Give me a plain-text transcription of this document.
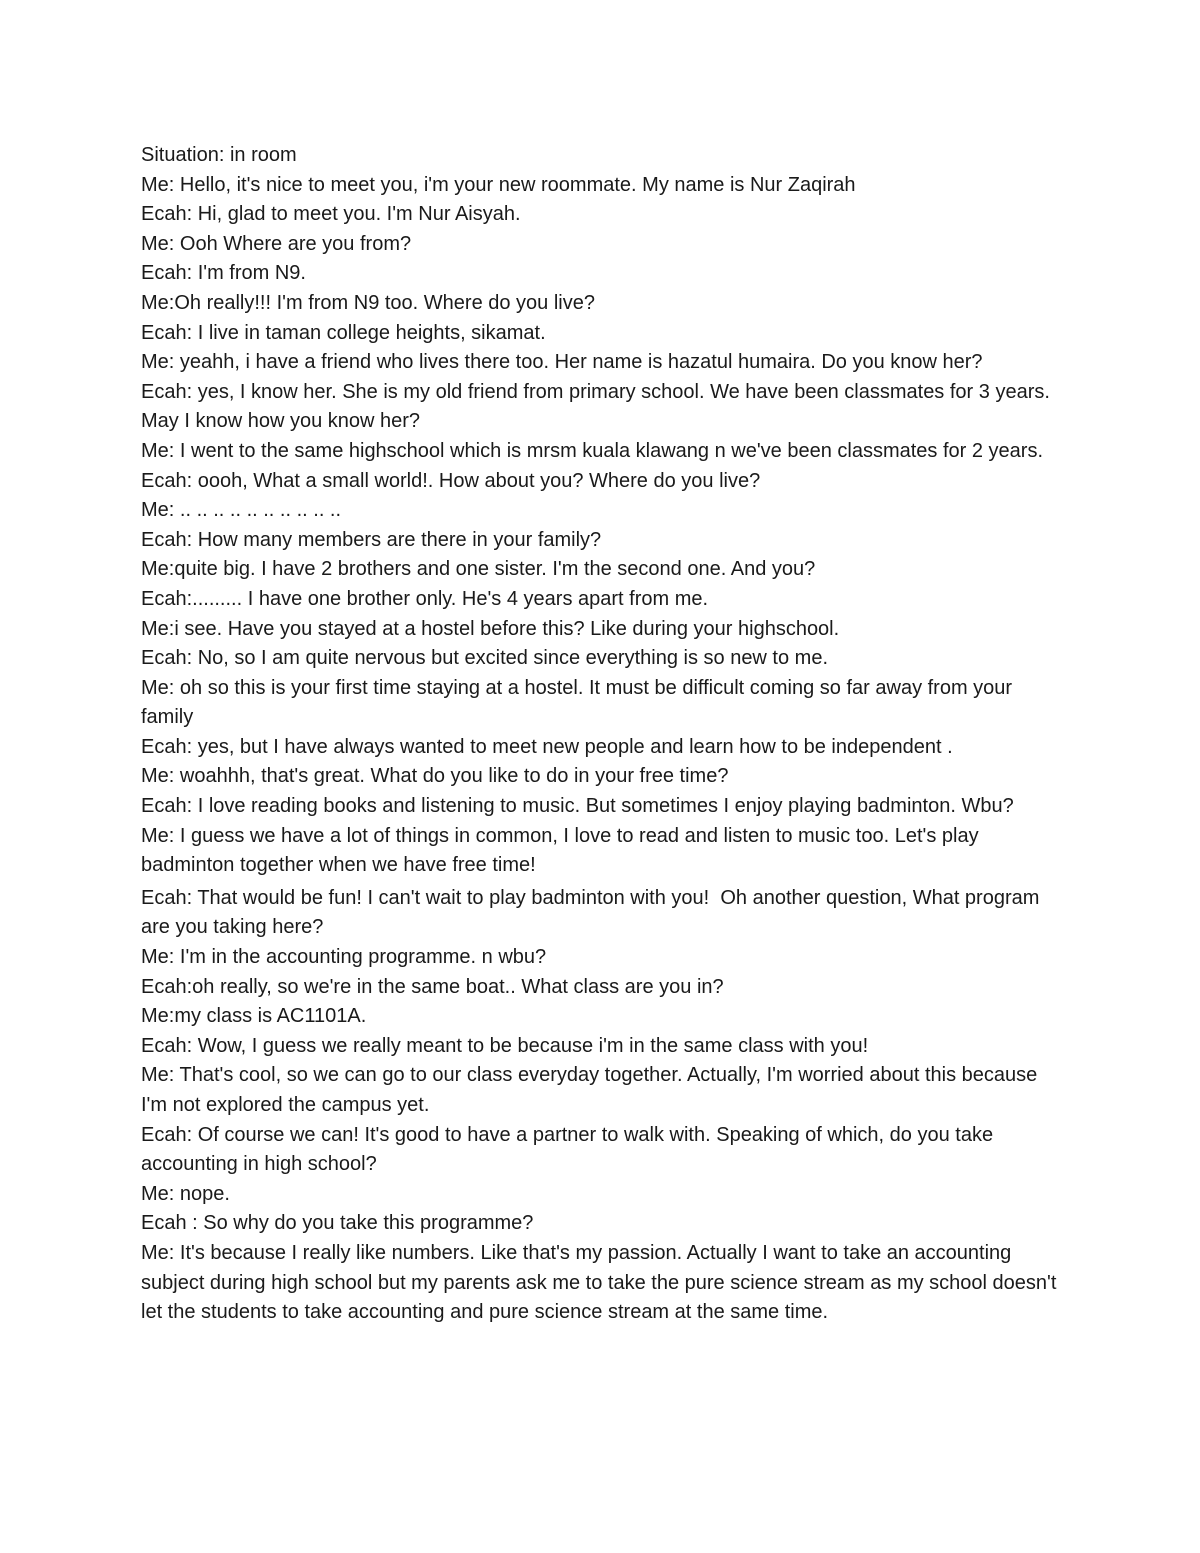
Situation: in room

Me: Hello, it's nice to meet you, i'm your new roommate. My name is Nur Zaqirah

Ecah: Hi, glad to meet you. I'm Nur Aisyah.

Me: Ooh Where are you from?

Ecah: I'm from N9.

Me:Oh really!!! I'm from N9 too. Where do you live?

Ecah: I live in taman college heights, sikamat.

Me: yeahh, i have a friend who lives there too. Her name is hazatul humaira. Do you know her?

Ecah: yes, I know her. She is my old friend from primary school. We have been classmates for 3 years. May I know how you know her?

Me: I went to the same highschool which is mrsm kuala klawang n we've been classmates for 2 years.

Ecah: oooh, What a small world!. How about you? Where do you live?

Me: .. .. .. .. .. .. .. .. .. ..

Ecah: How many members are there in your family?

Me:quite big. I have 2 brothers and one sister. I'm the second one. And you?

Ecah:......... I have one brother only. He's 4 years apart from me.

Me:i see. Have you stayed at a hostel before this? Like during your highschool.

Ecah: No, so I am quite nervous but excited since everything is so new to me.

Me: oh so this is your first time staying at a hostel. It must be difficult coming so far away from your family

Ecah: yes, but I have always wanted to meet new people and learn how to be independent .

Me: woahhh, that's great. What do you like to do in your free time?

Ecah: I love reading books and listening to music. But sometimes I enjoy playing badminton. Wbu?

Me: I guess we have a lot of things in common, I love to read and listen to music too. Let's play badminton together when we have free time!

Ecah: That would be fun! I can't wait to play badminton with you!  Oh another question, What program are you taking here?

Me: I'm in the accounting programme. n wbu?

Ecah:oh really, so we're in the same boat.. What class are you in?

Me:my class is AC1101A.

Ecah: Wow, I guess we really meant to be because i'm in the same class with you!

Me: That's cool, so we can go to our class everyday together. Actually, I'm worried about this because I'm not explored the campus yet.

Ecah: Of course we can! It's good to have a partner to walk with. Speaking of which, do you take accounting in high school?

Me: nope.

Ecah : So why do you take this programme?

Me: It's because I really like numbers. Like that's my passion. Actually I want to take an accounting subject during high school but my parents ask me to take the pure science stream as my school doesn't let the students to take accounting and pure science stream at the same time.
